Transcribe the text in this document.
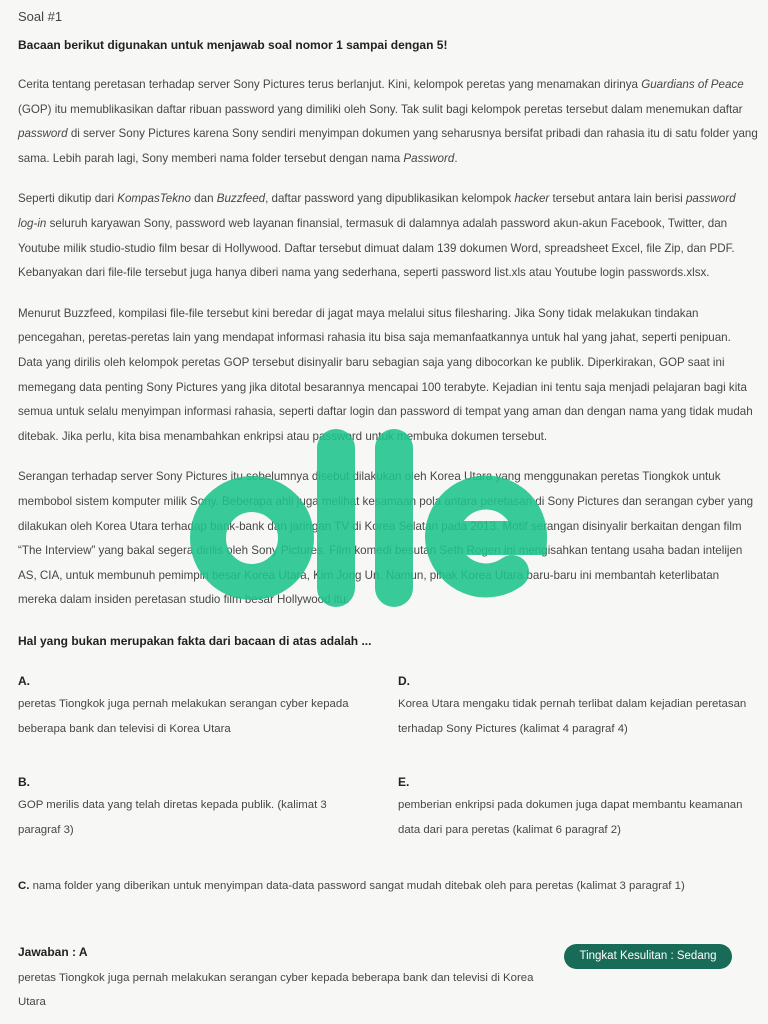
Soal #1
Bacaan berikut digunakan untuk menjawab soal nomor 1 sampai dengan 5!

Cerita tentang peretasan terhadap server Sony Pictures terus berlanjut. Kini, kelompok peretas yang menamakan dirinya Guardians of Peace (GOP) itu memublikasikan daftar ribuan password yang dimiliki oleh Sony. Tak sulit bagi kelompok peretas tersebut dalam menemukan daftar password di server Sony Pictures karena Sony sendiri menyimpan dokumen yang seharusnya bersifat pribadi dan rahasia itu di satu folder yang sama. Lebih parah lagi, Sony memberi nama folder tersebut dengan nama Password.

Seperti dikutip dari KompasTekno dan Buzzfeed, daftar password yang dipublikasikan kelompok hacker tersebut antara lain berisi password log-in seluruh karyawan Sony, password web layanan finansial, termasuk di dalamnya adalah password akun-akun Facebook, Twitter, dan Youtube milik studio-studio film besar di Hollywood. Daftar tersebut dimuat dalam 139 dokumen Word, spreadsheet Excel, file Zip, dan PDF. Kebanyakan dari file-file tersebut juga hanya diberi nama yang sederhana, seperti password list.xls atau Youtube login passwords.xlsx.

Menurut Buzzfeed, kompilasi file-file tersebut kini beredar di jagat maya melalui situs filesharing. Jika Sony tidak melakukan tindakan pencegahan, peretas-peretas lain yang mendapat informasi rahasia itu bisa saja memanfaatkannya untuk hal yang jahat, seperti penipuan. Data yang dirilis oleh kelompok peretas GOP tersebut disinyalir baru sebagian saja yang dibocorkan ke publik. Diperkirakan, GOP saat ini memegang data penting Sony Pictures yang jika ditotal besarannya mencapai 100 terabyte. Kejadian ini tentu saja menjadi pelajaran bagi kita semua untuk selalu menyimpan informasi rahasia, seperti daftar login dan password di tempat yang aman dan dengan nama yang tidak mudah ditebak. Jika perlu, kita bisa menambahkan enkripsi atau password untuk membuka dokumen tersebut.

Serangan terhadap server Sony Pictures itu sebelumnya disebut dilakukan oleh Korea Utara yang menggunakan peretas Tiongkok untuk membobol sistem komputer milik Sony. Beberapa ahli juga melihat kesamaan pola antara peretasan di Sony Pictures dan serangan cyber yang dilakukan oleh Korea Utara terhadap bank-bank dan jaringan TV di Korea Selatan pada 2013. Motif serangan disinyalir berkaitan dengan film “The Interview” yang bakal segera dirilis oleh Sony Pictures. Film komedi besutan Seth Rogen ini mengisahkan tentang usaha badan intelijen AS, CIA, untuk membunuh pemimpin besar Korea Utara, Kim Jong Un. Namun, pihak Korea Utara baru-baru ini membantah keterlibatan mereka dalam insiden peretasan studio film besar Hollywood itu.

Hal yang bukan merupakan fakta dari bacaan di atas adalah ...
A.
peretas Tiongkok juga pernah melakukan serangan cyber kepada beberapa bank dan televisi di Korea Utara
D.
Korea Utara mengaku tidak pernah terlibat dalam kejadian peretasan terhadap Sony Pictures (kalimat 4 paragraf 4)
B.
GOP merilis data yang telah diretas kepada publik. (kalimat 3 paragraf 3)
E.
pemberian enkripsi pada dokumen juga dapat membantu keamanan data dari para peretas (kalimat 6 paragraf 2)
C. nama folder yang diberikan untuk menyimpan data-data password sangat mudah ditebak oleh para peretas (kalimat 3 paragraf 1)
Jawaban : A
peretas Tiongkok juga pernah melakukan serangan cyber kepada beberapa bank dan televisi di Korea Utara
Tingkat Kesulitan : Sedang
